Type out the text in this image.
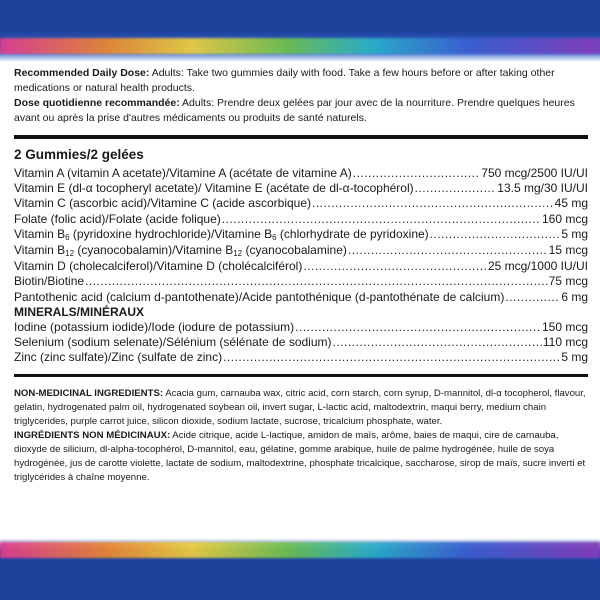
Recommended Daily Dose: Adults: Take two gummies daily with food. Take a few hours before or after taking other medications or natural health products.

Dose quotidienne recommandée: Adults: Prendre deux gelées par jour avec de la nourriture. Prendre quelques heures avant ou après la prise d'autres médicaments ou produits de santé naturels.

2 Gummies/2 gelées
Vitamin A (vitamin A acetate)/Vitamine A (acétate de vitamine A) .....	750 mcg/2500 IU/UI
Vitamin E (dl-α tocopheryl acetate)/ Vitamine E (acétate de dl-α-tocophérol) .....	13.5 mg/30 IU/UI
Vitamin C (ascorbic acid)/Vitamine C (acide ascorbique) .....	45 mg
Folate (folic acid)/Folate (acide folique) .....	160 mcg
Vitamin $B_6$ (pyridoxine hydrochloride)/Vitamine $B_6$ (chlorhydrate de pyridoxine) .....	5 mg
Vitamin $B_{12}$ (cyanocobalamin)/Vitamine $B_{12}$ (cyanocobalamine) .....	15 mcg
Vitamin D (cholecalciferol)/Vitamine D (cholécalciférol) .....	25 mcg/1000 IU/UI
Biotin/Biotine .....	75 mcg
Pantothenic acid (calcium d-pantothenate)/Acide pantothénique (d-pantothénate de calcium) .....	6 mg
MINERALS/MINÉRAUX
Iodine (potassium iodide)/Iode (iodure de potassium) .....	150 mcg
Selenium (sodium selenate)/Sélénium (sélénate de sodium) .....	110 mcg
Zinc (zinc sulfate)/Zinc (sulfate de zinc) .....	5 mg

NON-MEDICINAL INGREDIENTS: Acacia gum, carnauba wax, citric acid, corn starch, corn syrup, D-mannitol, dl-α tocopherol, flavour, gelatin, hydrogenated palm oil, hydrogenated soybean oil, invert sugar, L-lactic acid, maltodextrin, maqui berry, medium chain triglycerides, purple carrot juice, silicon dioxide, sodium lactate, sucrose, tricalcium phosphate, water.

INGRÉDIENTS NON MÉDICINAUX: Acide citrique, acide L-lactique, amidon de maïs, arôme, baies de maqui, cire de carnauba, dioxyde de silicium, dl-alpha-tocophérol, D-mannitol, eau, gélatine, gomme arabique, huile de palme hydrogénée, huile de soya hydrogénée, jus de carotte violette, lactate de sodium, maltodextrine, phosphate tricalcique, saccharose, sirop de maïs, sucre inverti et triglycérides à chaîne moyenne.
